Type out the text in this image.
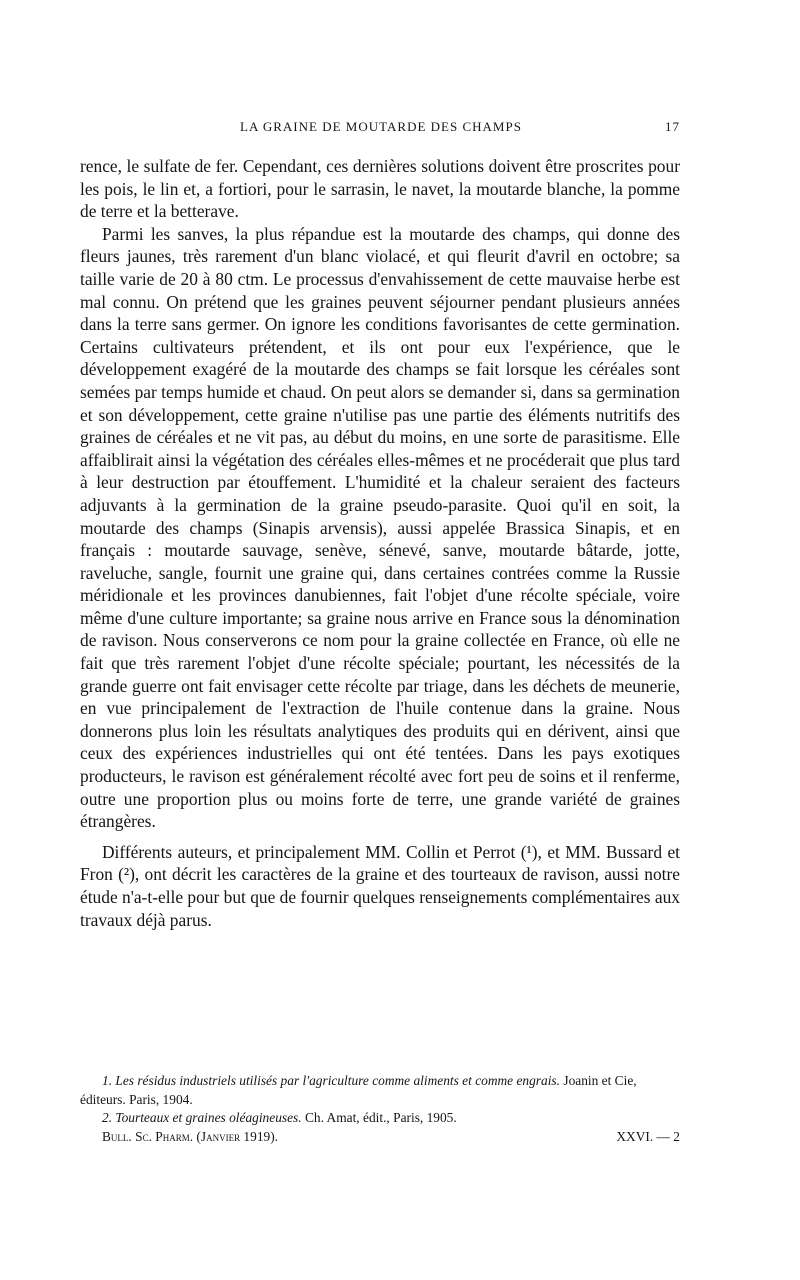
LA GRAINE DE MOUTARDE DES CHAMPS	17

rence, le sulfate de fer. Cependant, ces dernières solutions doivent être proscrites pour les pois, le lin et, a fortiori, pour le sarrasin, le navet, la moutarde blanche, la pomme de terre et la betterave.

Parmi les sanves, la plus répandue est la moutarde des champs, qui donne des fleurs jaunes, très rarement d'un blanc violacé, et qui fleurit d'avril en octobre; sa taille varie de 20 à 80 ctm. Le processus d'envahissement de cette mauvaise herbe est mal connu. On prétend que les graines peuvent séjourner pendant plusieurs années dans la terre sans germer. On ignore les conditions favorisantes de cette germination. Certains cultivateurs prétendent, et ils ont pour eux l'expérience, que le développement exagéré de la moutarde des champs se fait lorsque les céréales sont semées par temps humide et chaud. On peut alors se demander si, dans sa germination et son développement, cette graine n'utilise pas une partie des éléments nutritifs des graines de céréales et ne vit pas, au début du moins, en une sorte de parasitisme. Elle affaiblirait ainsi la végétation des céréales elles-mêmes et ne procéderait que plus tard à leur destruction par étouffement. L'humidité et la chaleur seraient des facteurs adjuvants à la germination de la graine pseudo-parasite. Quoi qu'il en soit, la moutarde des champs (Sinapis arvensis), aussi appelée Brassica Sinapis, et en français : moutarde sauvage, senève, sénevé, sanve, moutarde bâtarde, jotte, raveluche, sangle, fournit une graine qui, dans certaines contrées comme la Russie méridionale et les provinces danubiennes, fait l'objet d'une récolte spéciale, voire même d'une culture importante; sa graine nous arrive en France sous la dénomination de ravison. Nous conserverons ce nom pour la graine collectée en France, où elle ne fait que très rarement l'objet d'une récolte spéciale; pourtant, les nécessités de la grande guerre ont fait envisager cette récolte par triage, dans les déchets de meunerie, en vue principalement de l'extraction de l'huile contenue dans la graine. Nous donnerons plus loin les résultats analytiques des produits qui en dérivent, ainsi que ceux des expériences industrielles qui ont été tentées. Dans les pays exotiques producteurs, le ravison est généralement récolté avec fort peu de soins et il renferme, outre une proportion plus ou moins forte de terre, une grande variété de graines étrangères.

Différents auteurs, et principalement MM. Collin et Perrot (¹), et MM. Bussard et Fron (²), ont décrit les caractères de la graine et des tourteaux de ravison, aussi notre étude n'a-t-elle pour but que de fournir quelques renseignements complémentaires aux travaux déjà parus.

1. Les résidus industriels utilisés par l'agriculture comme aliments et comme engrais. Joanin et Cie, éditeurs. Paris, 1904.

2. Tourteaux et graines oléagineuses. Ch. Amat, édit., Paris, 1905.

Bull. Sc. Pharm. (Janvier 1919).	XXVI. — 2
